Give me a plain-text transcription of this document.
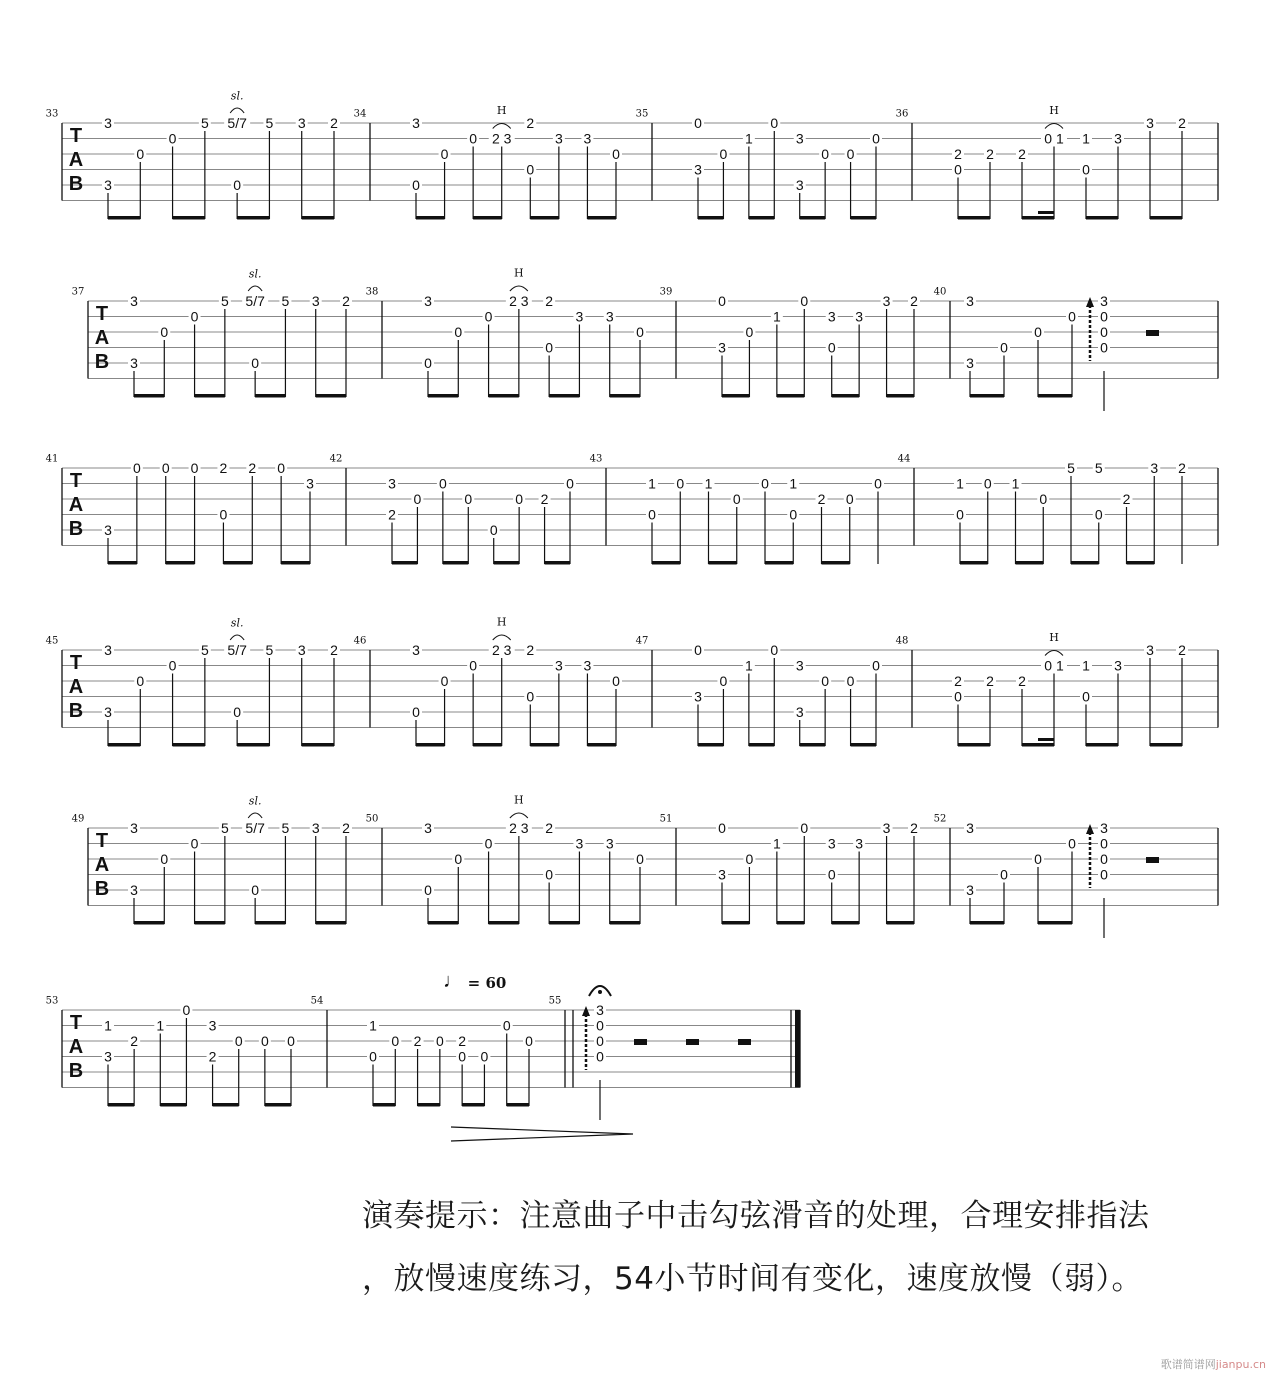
T
A
B
33
3
3
0
0
5 5/7
0
sl.
5 3 2
34
3
0
0
0 2 3
H
2
0
3 3
0
35
0
3
0
1
0
3
3
0 0
0
36
2
0
2 2
0 1
H
1
0
3
3 2
T
A
B
37
3
3
0
0
5 5/7
0
sl.
5 3 2
38
3
0
0
0
2 3
H
2
0
3 3
0
39
0
3
0
1
0
3
0
3
3 2
40
3
3
0
0
0
3
0
0
0
T
A
B
41
3
0 0 0 2
0
2 0
3
42
3
2
0
0
0
0
0 2
0
43
1
0
0 1
0
0 1
0
2 0
0
44
1
0
0 1
0
5 5
0
2
3 2
T
A
B
45
3
3
0
0
5 5/7
0
sl.
5 3 2
46
3
0
0
0
2 3
H
2
0
3 3
0
47
0
3
0
1
0
3
3
0 0
0
48
2
0
2 2
0 1
H
1
0
3
3 2
T
A
B
49
3
3
0
0
5 5/7
0
sl.
5 3 2
50
3
0
0
0
2 3
H
2
0
3 3
0
51
0
3
0
1
0
3
0
3
3 2
52
3
3
0
0
0
3
0
0
0
T
A
B
53
1
3
2
1
0
3
2
0 0 0
54
1
0
0 2 0 2
0 0
0
0
♩ = 60
55
3
0
0
0
演奏提示：注意曲子中击勾弦滑音的处理，合理安排指法
，放慢速度练习，54小节时间有变化，速度放慢（弱）。
歌谱简谱网jianpu.cn
